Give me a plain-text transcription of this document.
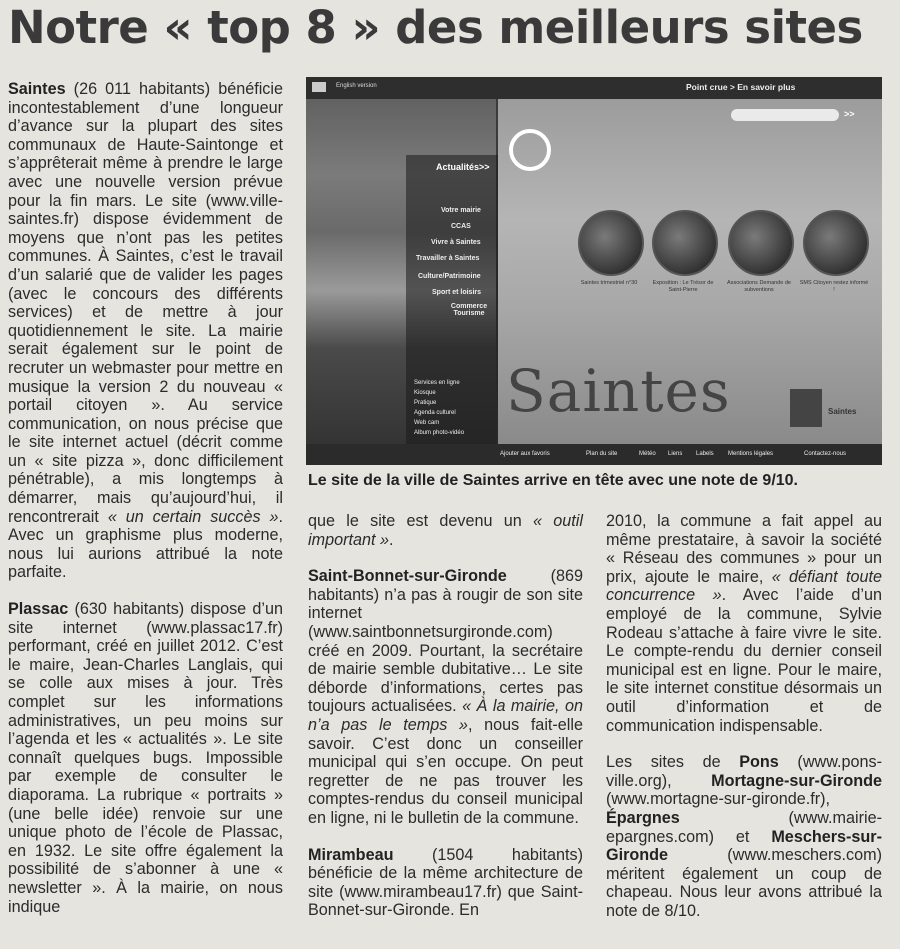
Notre « top 8 » des meilleurs sites

Saintes (26 011 habitants) bénéficie incontestablement d’une longueur d’avance sur la plupart des sites communaux de Haute-Saintonge et s’apprêterait même à prendre le large avec une nouvelle version prévue pour la fin mars. Le site (www.ville-saintes.fr) dispose évidemment de moyens que n’ont pas les petites communes. À Saintes, c’est le travail d’un salarié que de valider les pages (avec le concours des différents services) et de mettre à jour quotidiennement le site. La mairie serait également sur le point de recruter un webmaster pour mettre en musique la version 2 du nouveau « portail citoyen ». Au service communication, on nous précise que le site internet actuel (décrit comme un « site pizza », donc difficilement pénétrable), a mis longtemps à démarrer, mais qu’aujourd’hui, il rencontrerait « un certain succès ». Avec un graphisme plus moderne, nous lui aurions attribué la note parfaite.

Plassac (630 habitants) dispose d’un site internet (www.plassac17.fr) performant, créé en juillet 2012. C’est le maire, Jean-Charles Langlais, qui se colle aux mises à jour. Très complet sur les informations administratives, un peu moins sur l’agenda et les « actualités ». Le site connaît quelques bugs. Impossible par exemple de consulter le diaporama. La rubrique « portraits » (une belle idée) renvoie sur une unique photo de l’école de Plassac, en 1932. Le site offre également la possibilité de s’abonner à une « newsletter ». À la mairie, on nous indique

English version	Point crue > En savoir plus
>>
Actualités>>
Votre mairie
CCAS
Vivre à Saintes
Travailler à Saintes
Culture/Patrimoine
Sport et loisirs
Commerce Tourisme
Services en ligne
Kiosque
Pratique
Agenda culturel
Web cam
Album photo-vidéo
Saintes trimestriel n°30	Exposition : Le Trésor de Saint-Pierre
Associations Demande de subventions
SMS Citoyen restez informé !
Saintes	Saintes
Ajouter aux favoris	Plan du site	Météo Liens Labels Mentions légales	Contactez-nous
Le site de la ville de Saintes arrive en tête avec une note de 9/10.

que le site est devenu un « outil important ».

Saint-Bonnet-sur-Gironde (869 habitants) n’a pas à rougir de son site internet (www.saintbonnetsurgironde.com) créé en 2009. Pourtant, la secrétaire de mairie semble dubitative… Le site déborde d’informations, certes pas toujours actualisées. « À la mairie, on n’a pas le temps », nous fait-elle savoir. C’est donc un conseiller municipal qui s’en occupe. On peut regretter de ne pas trouver les comptes-rendus du conseil municipal en ligne, ni le bulletin de la commune.

Mirambeau (1504 habitants) bénéficie de la même architecture de site (www.mirambeau17.fr) que Saint-Bonnet-sur-Gironde. En

2010, la commune a fait appel au même prestataire, à savoir la société « Réseau des communes » pour un prix, ajoute le maire, « défiant toute concurrence ». Avec l’aide d’un employé de la commune, Sylvie Rodeau s’attache à faire vivre le site. Le compte-rendu du dernier conseil municipal est en ligne. Pour le maire, le site internet constitue désormais un outil d’information et de communication indispensable.

Les sites de Pons (www.pons-ville.org), Mortagne-sur-Gironde (www.mortagne-sur-gironde.fr), Épargnes (www.mairie-epargnes.com) et Meschers-sur-Gironde (www.meschers.com) méritent également un coup de chapeau. Nous leur avons attribué la note de 8/10.
